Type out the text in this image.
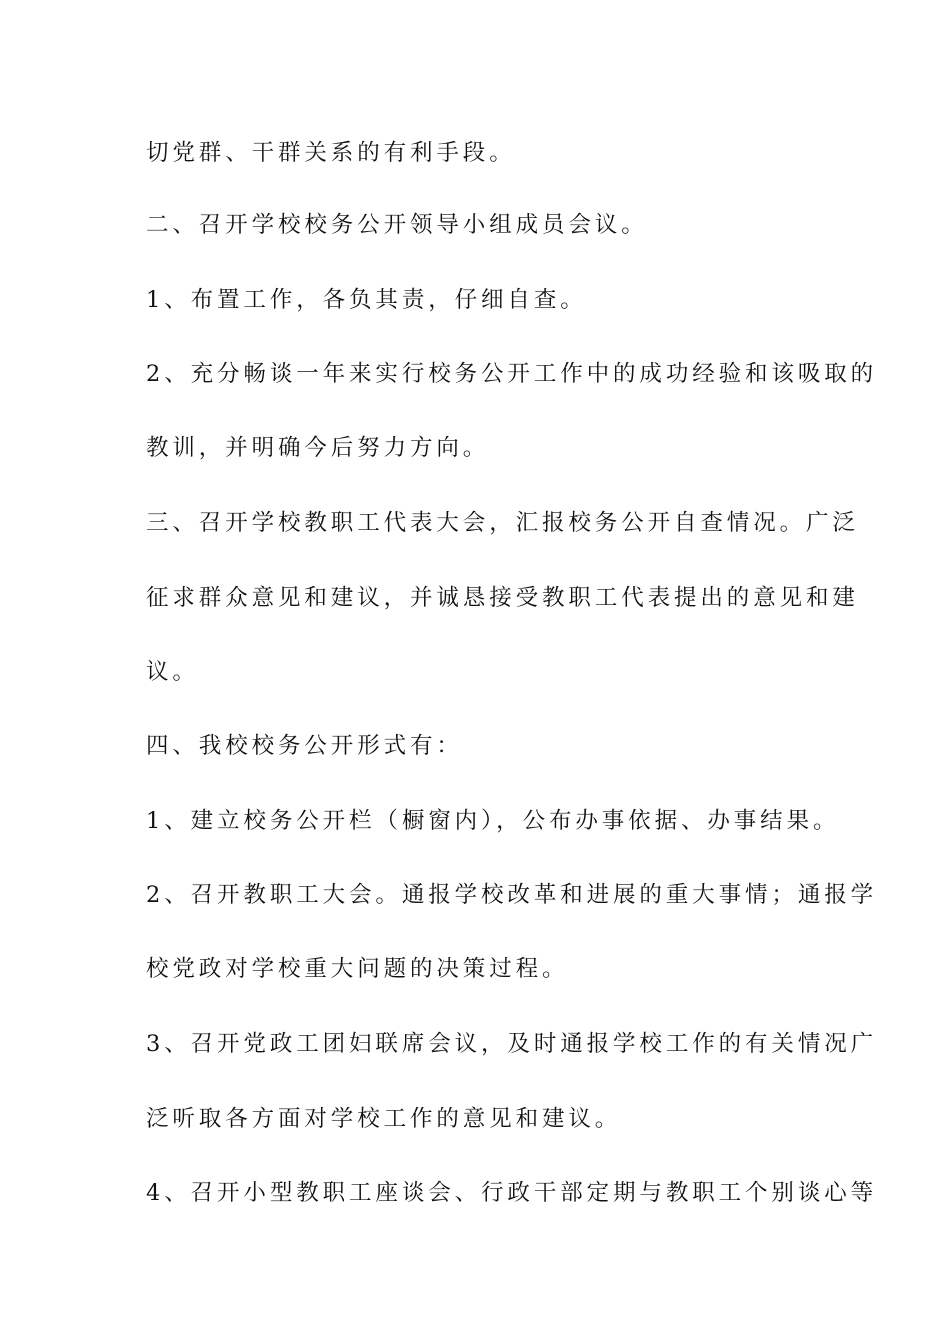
切党群、干群关系的有利手段。

二、召开学校校务公开领导小组成员会议。

1、布置工作，各负其责，仔细自查。

2、充分畅谈一年来实行校务公开工作中的成功经验和该吸取的

教训，并明确今后努力方向。

三、召开学校教职工代表大会，汇报校务公开自查情况。广泛

征求群众意见和建议，并诚恳接受教职工代表提出的意见和建

议。

四、我校校务公开形式有：

1、建立校务公开栏（橱窗内），公布办事依据、办事结果。

2、召开教职工大会。通报学校改革和进展的重大事情；通报学

校党政对学校重大问题的决策过程。

3、召开党政工团妇联席会议，及时通报学校工作的有关情况广

泛听取各方面对学校工作的意见和建议。

4、召开小型教职工座谈会、行政干部定期与教职工个别谈心等
